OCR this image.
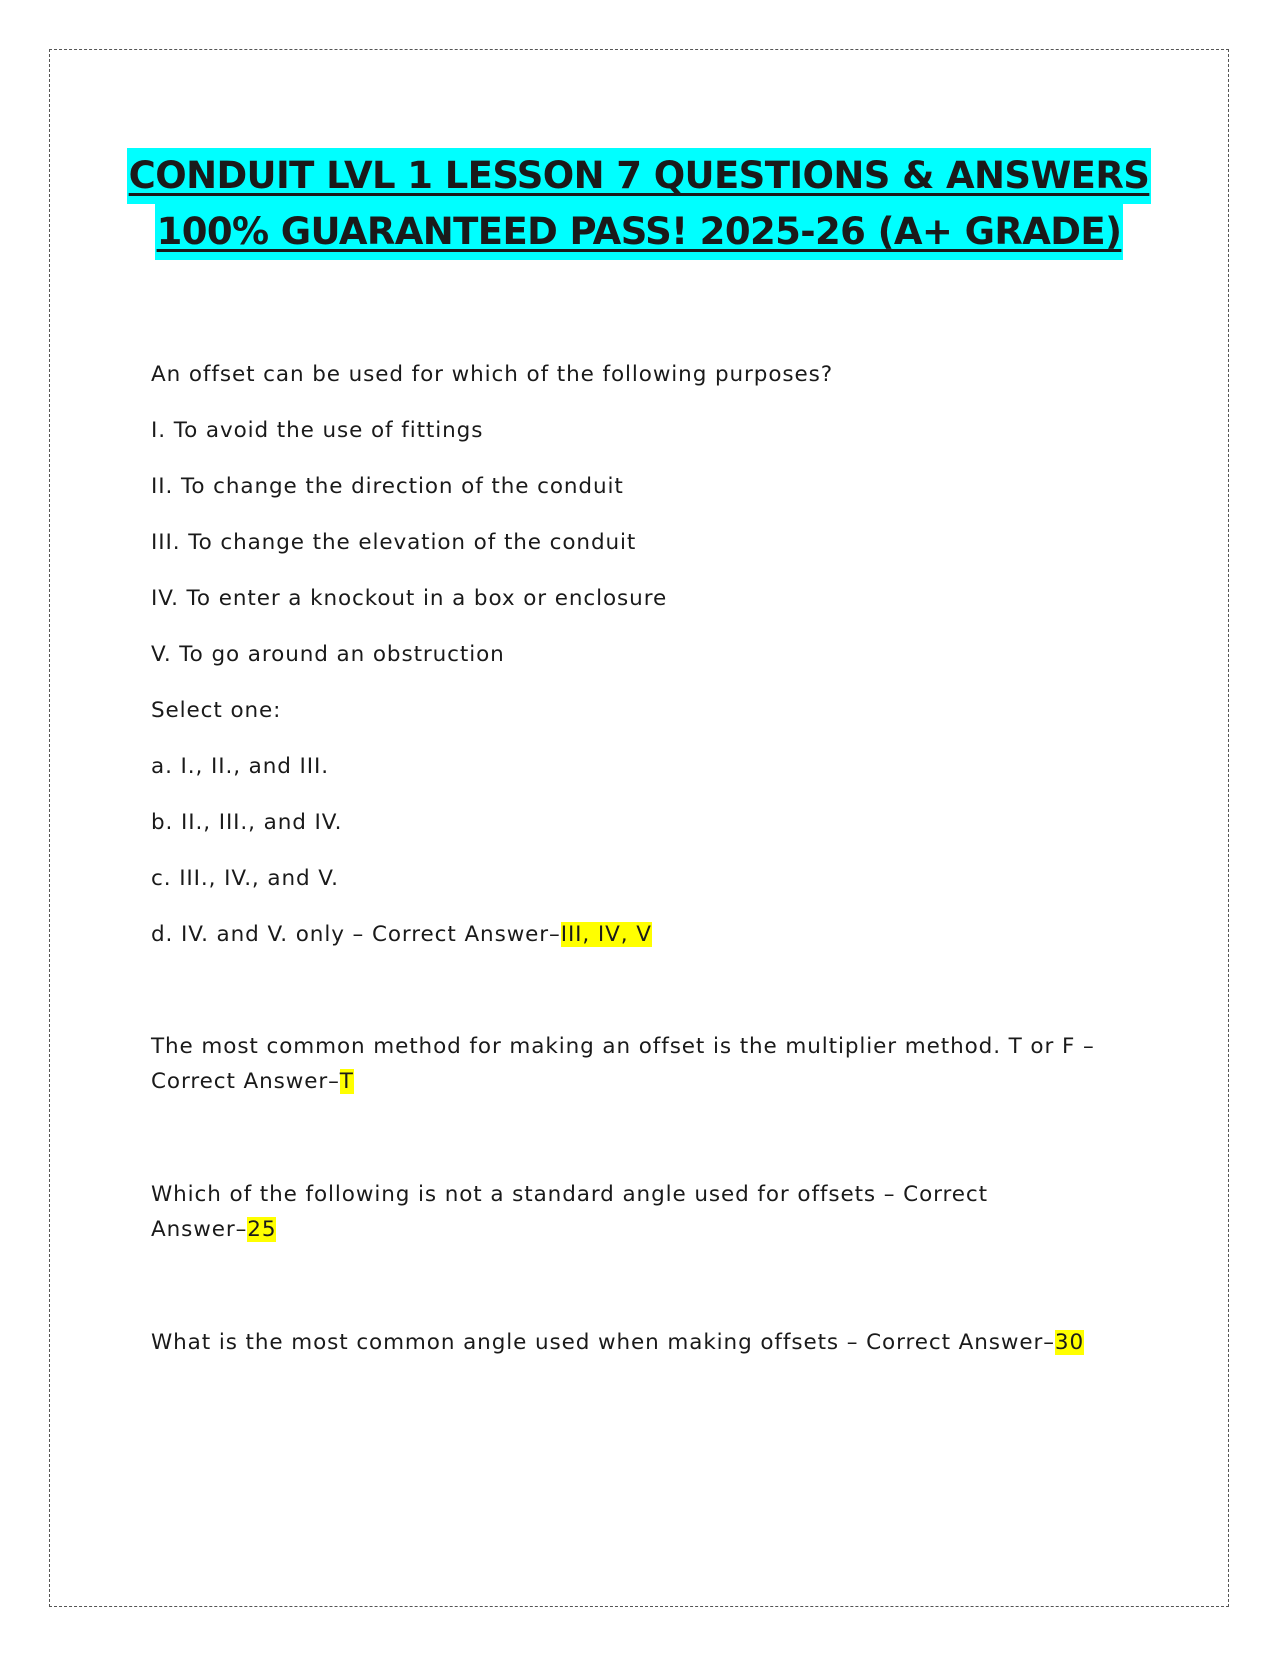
CONDUIT LVL 1 LESSON 7 QUESTIONS & ANSWERS
100% GUARANTEED PASS! 2025-26 (A+ GRADE)
An offset can be used for which of the following purposes?
I. To avoid the use of fittings
II. To change the direction of the conduit
III. To change the elevation of the conduit
IV. To enter a knockout in a box or enclosure
V. To go around an obstruction
Select one:
a. I., II., and III.
b. II., III., and IV.
c. III., IV., and V.
d. IV. and V. only – Correct Answer–III, IV, V
The most common method for making an offset is the multiplier method. T or F –
Correct Answer–T
Which of the following is not a standard angle used for offsets – Correct
Answer–25
What is the most common angle used when making offsets – Correct Answer–30
